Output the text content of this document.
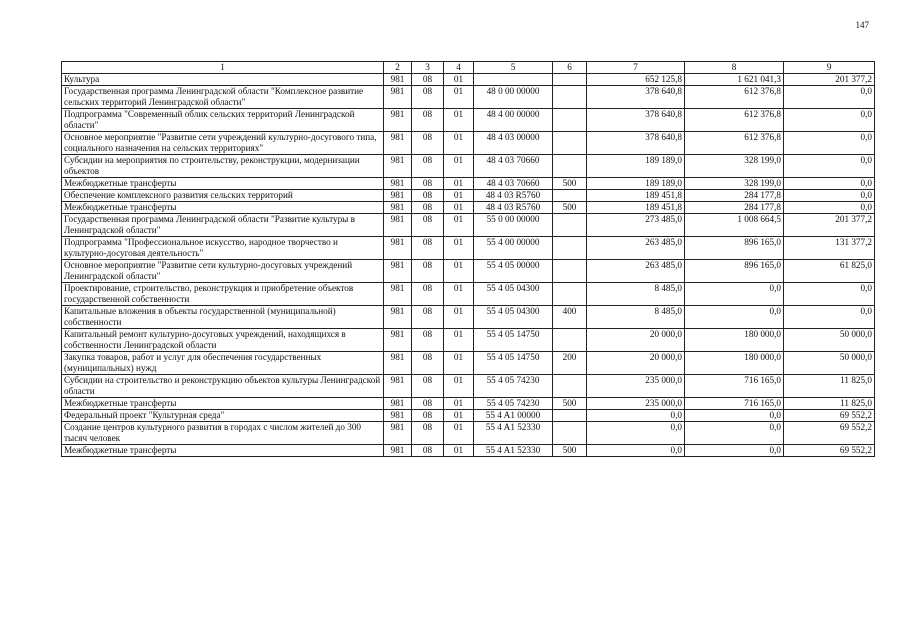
147
1	2	3	4	5	6	7	8	9
Культура	981	08	01			652 125,8	1 621 041,3	201 377,2
Государственная программа Ленинградской области "Комплексное развитие сельских территорий Ленинградской области"	981	08	01	48 0 00 00000		378 640,8	612 376,8	0,0
Подпрограмма "Современный облик сельских территорий Ленинградской области"	981	08	01	48 4 00 00000		378 640,8	612 376,8	0,0
Основное мероприятие "Развитие сети учреждений культурно-досугового типа, социального назначения на сельских территориях"	981	08	01	48 4 03 00000		378 640,8	612 376,8	0,0
Субсидии на мероприятия по строительству, реконструкции, модернизации объектов	981	08	01	48 4 03 70660		189 189,0	328 199,0	0,0
Межбюджетные трансферты	981	08	01	48 4 03 70660	500	189 189,0	328 199,0	0,0
Обеспечение комплексного развития сельских территорий	981	08	01	48 4 03 R5760		189 451,8	284 177,8	0,0
Межбюджетные трансферты	981	08	01	48 4 03 R5760	500	189 451,8	284 177,8	0,0
Государственная программа Ленинградской области "Развитие культуры в Ленинградской области"	981	08	01	55 0 00 00000		273 485,0	1 008 664,5	201 377,2
Подпрограмма "Профессиональное искусство, народное творчество и культурно-досуговая деятельность"	981	08	01	55 4 00 00000		263 485,0	896 165,0	131 377,2
Основное мероприятие "Развитие сети культурно-досуговых учреждений Ленинградской области"	981	08	01	55 4 05 00000		263 485,0	896 165,0	61 825,0
Проектирование, строительство, реконструкция и приобретение объектов государственной собственности	981	08	01	55 4 05 04300		8 485,0	0,0	0,0
Капитальные вложения в объекты государственной (муниципальной) собственности	981	08	01	55 4 05 04300	400	8 485,0	0,0	0,0
Капитальный ремонт культурно-досуговых учреждений, находящихся в собственности Ленинградской области	981	08	01	55 4 05 14750		20 000,0	180 000,0	50 000,0
Закупка товаров, работ и услуг для обеспечения государственных (муниципальных) нужд	981	08	01	55 4 05 14750	200	20 000,0	180 000,0	50 000,0
Субсидии на строительство и реконструкцию объектов культуры Ленинградской области	981	08	01	55 4 05 74230		235 000,0	716 165,0	11 825,0
Межбюджетные трансферты	981	08	01	55 4 05 74230	500	235 000,0	716 165,0	11 825,0
Федеральный проект "Культурная среда"	981	08	01	55 4 A1 00000		0,0	0,0	69 552,2
Создание центров культурного развития в городах с числом жителей до 300 тысяч человек	981	08	01	55 4 A1 52330		0,0	0,0	69 552,2
Межбюджетные трансферты	981	08	01	55 4 A1 52330	500	0,0	0,0	69 552,2
